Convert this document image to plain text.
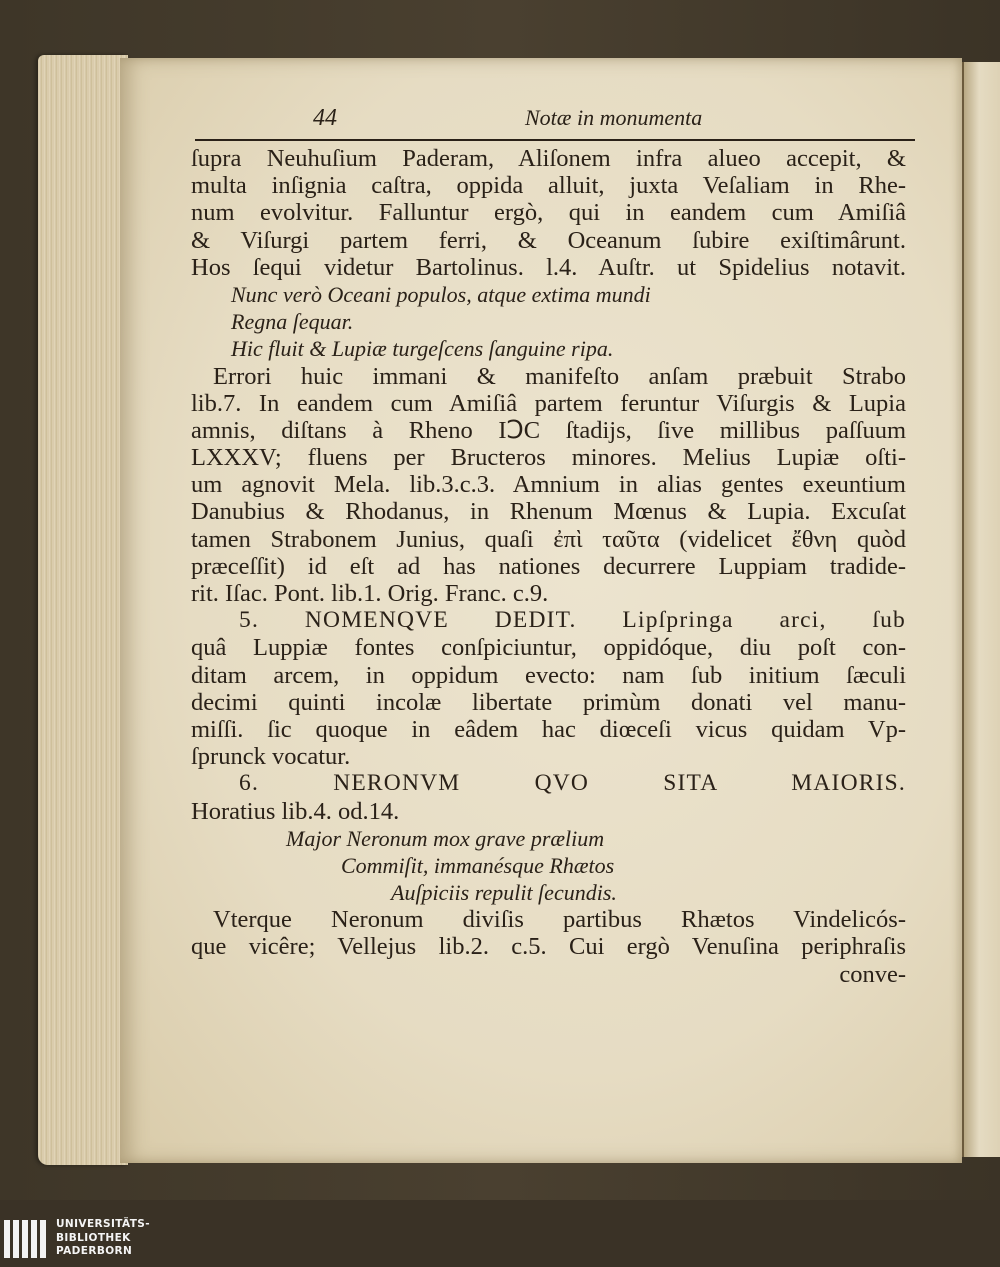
44	Notæ in monumenta
ſupra Neuhuſium Paderam, Aliſonem infra alueo accepit, &
multa inſignia caſtra, oppida alluit, juxta Veſaliam in Rhe-
num evolvitur. Falluntur ergò, qui in eandem cum Amiſiâ
& Viſurgi partem ferri, & Oceanum ſubire exiſtimârunt.
Hos ſequi videtur Bartolinus. l.4. Auſtr. ut Spidelius notavit.
Nunc verò Oceani populos, atque extima mundi
Regna ſequar.
Hic fluit & Lupiæ turgeſcens ſanguine ripa.
Errori huic immani & manifeſto anſam præbuit Strabo
lib.7. In eandem cum Amiſiâ partem feruntur Viſurgis & Lupia
amnis, diſtans à Rheno IↃC ſtadijs, ſive millibus paſſuum
LXXXV; fluens per Bructeros minores. Melius Lupiæ oſti-
um agnovit Mela. lib.3.c.3. Amnium in alias gentes exeuntium
Danubius & Rhodanus, in Rhenum Mœnus & Lupia. Excuſat
tamen Strabonem Junius, quaſi ἐπὶ ταῦτα (videlicet ἔθνη quòd
præceſſit) id eſt ad has nationes decurrere Luppiam tradide-
rit. Iſac. Pont. lib.1. Orig. Franc. c.9.
5. NOMENQVE DEDIT. Lipſpringa arci, ſub
quâ Luppiæ fontes conſpiciuntur, oppidóque, diu poſt con-
ditam arcem, in oppidum evecto: nam ſub initium ſæculi
decimi quinti incolæ libertate primùm donati vel manu-
miſſi. ſic quoque in eâdem hac diœceſi vicus quidam Vp-
ſprunck vocatur.
6. NERONVM QVO SITA MAIORIS.
Horatius lib.4. od.14.
Major Neronum mox grave prælium
Commiſit, immanésque Rhætos
Auſpiciis repulit ſecundis.
Vterque Neronum diviſis partibus Rhætos Vindelicós-
que vicêre; Vellejus lib.2. c.5. Cui ergò Venuſina periphraſis
conve-
UNIVERSITÄTS-
BIBLIOTHEK
PADERBORN
